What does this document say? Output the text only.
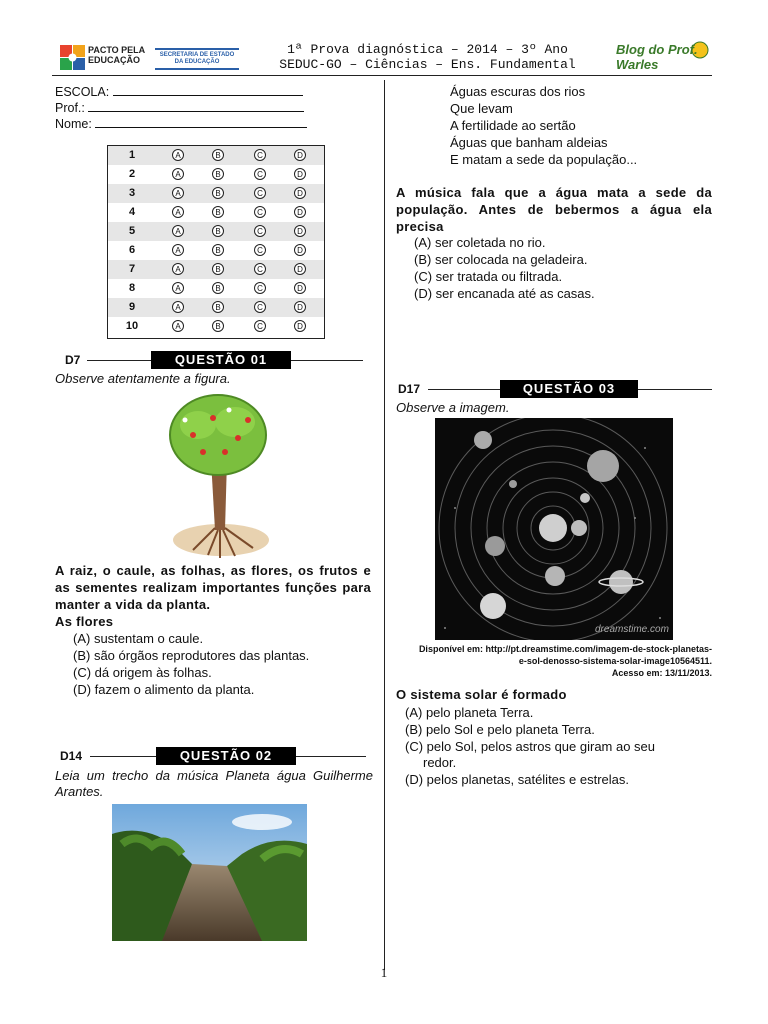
PACTO PELA EDUCAÇÃO	SECRETARIA DE ESTADO DA EDUCAÇÃO
1ª Prova diagnóstica – 2014 – 3º Ano
SEDUC-GO – Ciências – Ens. Fundamental
Blog do Prof. Warles
ESCOLA:
Prof.:
Nome:
1	A	B	C	D
2	A	B	C	D
3	A	B	C	D
4	A	B	C	D
5	A	B	C	D
6	A	B	C	D
7	A	B	C	D
8	A	B	C	D
9	A	B	C	D
10	A	B	C	D
D7	QUESTÃO 01
Observe atentamente a figura.
A raiz, o caule, as folhas, as flores, os frutos e as sementes realizam importantes funções para manter a vida da planta.
As flores
(A) sustentam o caule.
(B) são órgãos reprodutores das plantas.
(C) dá origem às folhas.
(D) fazem o alimento da planta.
D14	QUESTÃO 02
Leia um trecho da música Planeta água Guilherme Arantes.
Águas escuras dos rios
Que levam
A fertilidade ao sertão
Águas que banham aldeias
E matam a sede da população...
A música fala que a água mata a sede da população. Antes de bebermos a água ela precisa
(A) ser coletada no rio.
(B) ser colocada na geladeira.
(C) ser tratada ou filtrada.
(D) ser encanada até as casas.
D17	QUESTÃO 03
Observe a imagem.
dreamstime.com
Disponível em: http://pt.dreamstime.com/imagem-de-stock-planetas-
e-sol-denosso-sistema-solar-image10564511.
Acesso em: 13/11/2013.
O sistema solar é formado
(A) pelo planeta Terra.
(B) pelo Sol e pelo planeta Terra.
(C) pelo Sol, pelos astros que giram ao seu
redor.
(D) pelos planetas, satélites e estrelas.
1
